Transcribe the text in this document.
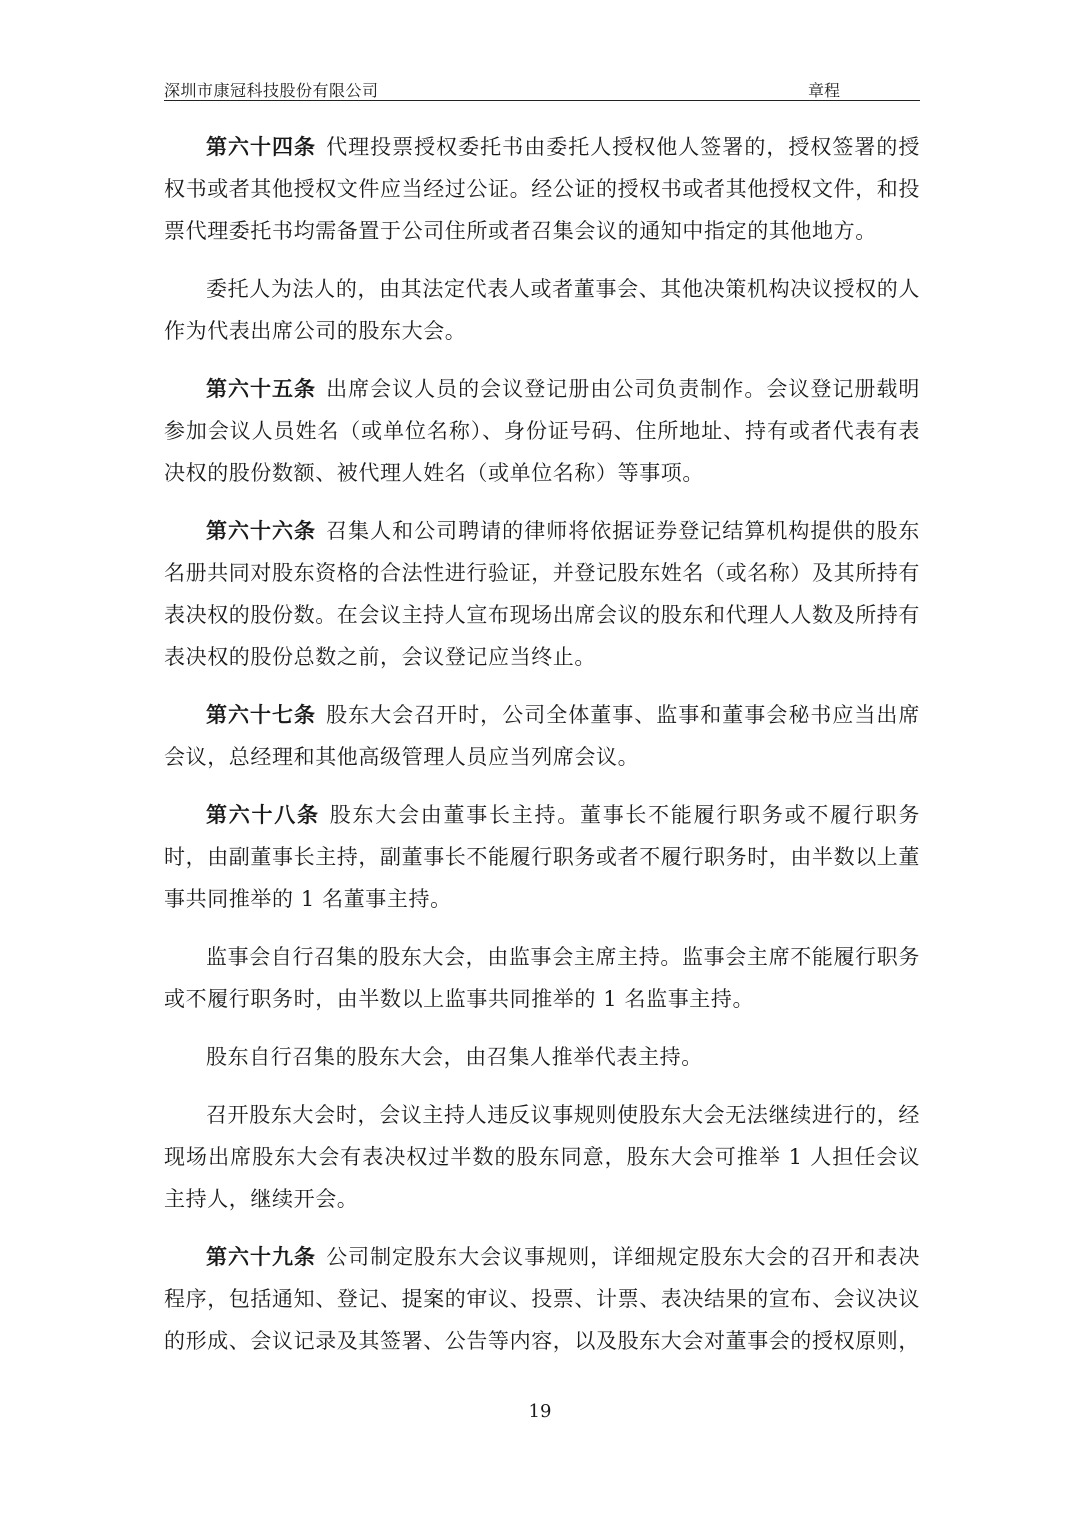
深圳市康冠科技股份有限公司	章程

第六十四条 代理投票授权委托书由委托人授权他人签署的，授权签署的授权书或者其他授权文件应当经过公证。经公证的授权书或者其他授权文件，和投票代理委托书均需备置于公司住所或者召集会议的通知中指定的其他地方。

委托人为法人的，由其法定代表人或者董事会、其他决策机构决议授权的人作为代表出席公司的股东大会。

第六十五条 出席会议人员的会议登记册由公司负责制作。会议登记册载明参加会议人员姓名（或单位名称）、身份证号码、住所地址、持有或者代表有表决权的股份数额、被代理人姓名（或单位名称）等事项。

第六十六条 召集人和公司聘请的律师将依据证券登记结算机构提供的股东名册共同对股东资格的合法性进行验证，并登记股东姓名（或名称）及其所持有表决权的股份数。在会议主持人宣布现场出席会议的股东和代理人人数及所持有表决权的股份总数之前，会议登记应当终止。

第六十七条 股东大会召开时，公司全体董事、监事和董事会秘书应当出席会议，总经理和其他高级管理人员应当列席会议。

第六十八条 股东大会由董事长主持。董事长不能履行职务或不履行职务时，由副董事长主持，副董事长不能履行职务或者不履行职务时，由半数以上董事共同推举的 1 名董事主持。

监事会自行召集的股东大会，由监事会主席主持。监事会主席不能履行职务或不履行职务时，由半数以上监事共同推举的 1 名监事主持。

股东自行召集的股东大会，由召集人推举代表主持。

召开股东大会时，会议主持人违反议事规则使股东大会无法继续进行的，经现场出席股东大会有表决权过半数的股东同意，股东大会可推举 1 人担任会议主持人，继续开会。

第六十九条 公司制定股东大会议事规则，详细规定股东大会的召开和表决程序，包括通知、登记、提案的审议、投票、计票、表决结果的宣布、会议决议的形成、会议记录及其签署、公告等内容，以及股东大会对董事会的授权原则，

19
